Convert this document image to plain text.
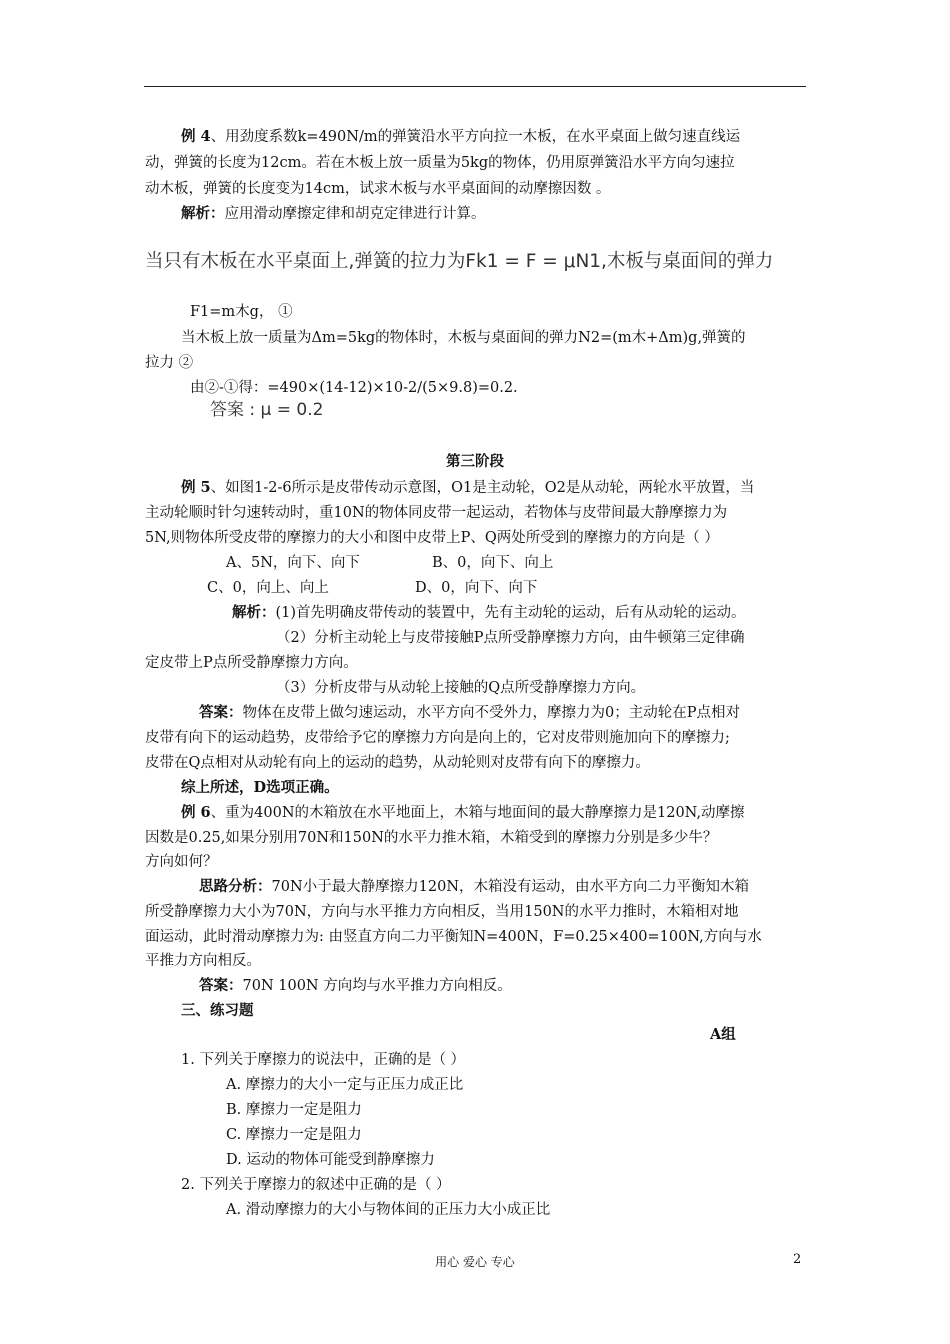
例 4、用劲度系数k=490N/m的弹簧沿水平方向拉一木板，在水平桌面上做匀速直线运
动，弹簧的长度为12cm。若在木板上放一质量为5kg的物体，仍用原弹簧沿水平方向匀速拉
动木板，弹簧的长度变为14cm，试求木板与水平桌面间的动摩擦因数 。
解析：应用滑动摩擦定律和胡克定律进行计算。
当只有木板在水平桌面上,弹簧的拉力为Fk1 = F = μN1,木板与桌面间的弹力
F1=m木g， ①
当木板上放一质量为Δm=5kg的物体时，木板与桌面间的弹力N2=(m木+Δm)g,弹簧的
拉力 ②
由②-①得：=490×(14-12)×10-2/(5×9.8)=0.2.
答案 : μ = 0.2
第三阶段
例 5、如图1-2-6所示是皮带传动示意图，O1是主动轮，O2是从动轮，两轮水平放置，当
主动轮顺时针匀速转动时，重10N的物体同皮带一起运动，若物体与皮带间最大静摩擦力为
5N,则物体所受皮带的摩擦力的大小和图中皮带上P、Q两处所受到的摩擦力的方向是（ ）
A、5N，向下、向下	B、0，向下、向上
C、0，向上、向上	D、0，向下、向下
解析：(1)首先明确皮带传动的装置中，先有主动轮的运动，后有从动轮的运动。
（2）分析主动轮上与皮带接触P点所受静摩擦力方向，由牛顿第三定律确
定皮带上P点所受静摩擦力方向。
（3）分析皮带与从动轮上接触的Q点所受静摩擦力方向。
答案：物体在皮带上做匀速运动，水平方向不受外力，摩擦力为0；主动轮在P点相对
皮带有向下的运动趋势，皮带给予它的摩擦力方向是向上的，它对皮带则施加向下的摩擦力;
皮带在Q点相对从动轮有向上的运动的趋势，从动轮则对皮带有向下的摩擦力。
综上所述，D选项正确。
例 6、重为400N的木箱放在水平地面上，木箱与地面间的最大静摩擦力是120N,动摩擦
因数是0.25,如果分别用70N和150N的水平力推木箱，木箱受到的摩擦力分别是多少牛？
方向如何？
思路分析：70N小于最大静摩擦力120N，木箱没有运动，由水平方向二力平衡知木箱
所受静摩擦力大小为70N，方向与水平推力方向相反，当用150N的水平力推时，木箱相对地
面运动，此时滑动摩擦力为: 由竖直方向二力平衡知N=400N，F=0.25×400=100N,方向与水
平推力方向相反。
答案：70N 100N 方向均与水平推力方向相反。
三、练习题
A组
1. 下列关于摩擦力的说法中，正确的是（ ）
A. 摩擦力的大小一定与正压力成正比
B. 摩擦力一定是阻力
C. 摩擦力一定是阻力
D. 运动的物体可能受到静摩擦力
2. 下列关于摩擦力的叙述中正确的是（ ）
A. 滑动摩擦力的大小与物体间的正压力大小成正比
用心 爱心 专心	2
